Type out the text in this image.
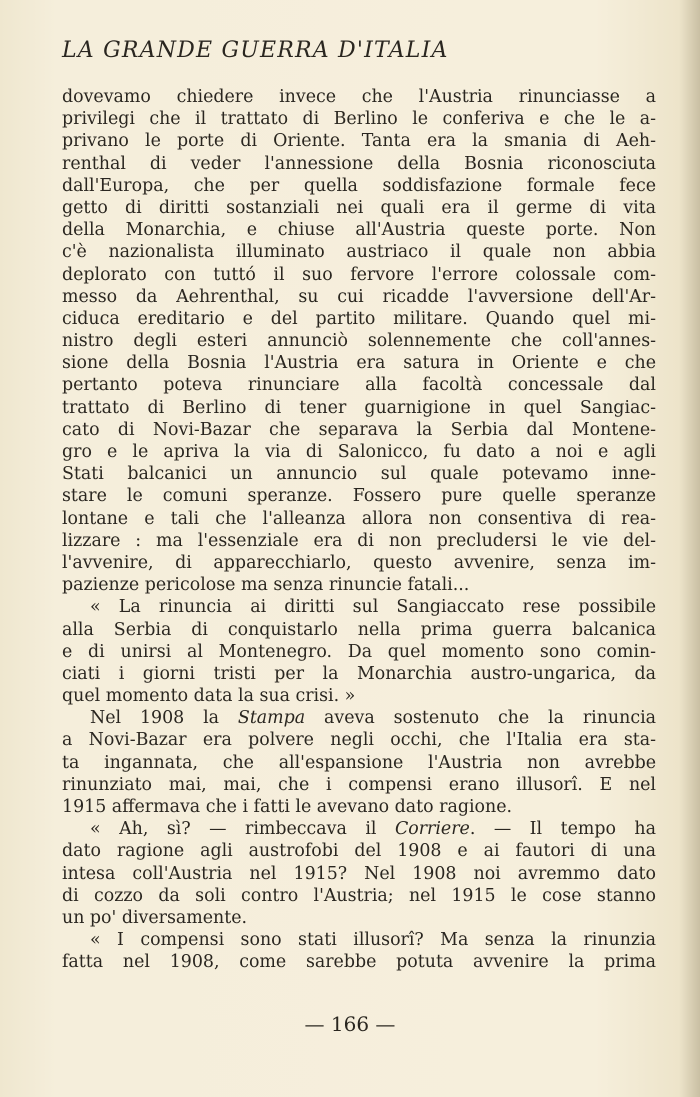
LA GRANDE GUERRA D'ITALIA
dovevamo chiedere invece che l'Austria rinunciasse a
privilegi che il trattato di Berlino le conferiva e che le a-
privano le porte di Oriente. Tanta era la smania di Aeh-
renthal di veder l'annessione della Bosnia riconosciuta
dall'Europa, che per quella soddisfazione formale fece
getto di diritti sostanziali nei quali era il germe di vita
della Monarchia, e chiuse all'Austria queste porte. Non
c'è nazionalista illuminato austriaco il quale non abbia
deplorato con tuttó il suo fervore l'errore colossale com-
messo da Aehrenthal, su cui ricadde l'avversione dell'Ar-
ciduca ereditario e del partito militare. Quando quel mi-
nistro degli esteri annunciò solennemente che coll'annes-
sione della Bosnia l'Austria era satura in Oriente e che
pertanto poteva rinunciare alla facoltà concessale dal
trattato di Berlino di tener guarnigione in quel Sangiac-
cato di Novi-Bazar che separava la Serbia dal Montene-
gro e le apriva la via di Salonicco, fu dato a noi e agli
Stati balcanici un annuncio sul quale potevamo inne-
stare le comuni speranze. Fossero pure quelle speranze
lontane e tali che l'alleanza allora non consentiva di rea-
lizzare : ma l'essenziale era di non precludersi le vie del-
l'avvenire, di apparecchiarlo, questo avvenire, senza im-
pazienze pericolose ma senza rinuncie fatali...
« La rinuncia ai diritti sul Sangiaccato rese possibile
alla Serbia di conquistarlo nella prima guerra balcanica
e di unirsi al Montenegro. Da quel momento sono comin-
ciati i giorni tristi per la Monarchia austro-ungarica, da
quel momento data la sua crisi. »
Nel 1908 la Stampa aveva sostenuto che la rinuncia
a Novi-Bazar era polvere negli occhi, che l'Italia era sta-
ta ingannata, che all'espansione l'Austria non avrebbe
rinunziato mai, mai, che i compensi erano illusorî. E nel
1915 affermava che i fatti le avevano dato ragione.
« Ah, sì? — rimbeccava il Corriere. — Il tempo ha
dato ragione agli austrofobi del 1908 e ai fautori di una
intesa coll'Austria nel 1915? Nel 1908 noi avremmo dato
di cozzo da soli contro l'Austria; nel 1915 le cose stanno
un po' diversamente.
« I compensi sono stati illusorî? Ma senza la rinunzia
fatta nel 1908, come sarebbe potuta avvenire la prima
— 166 —
